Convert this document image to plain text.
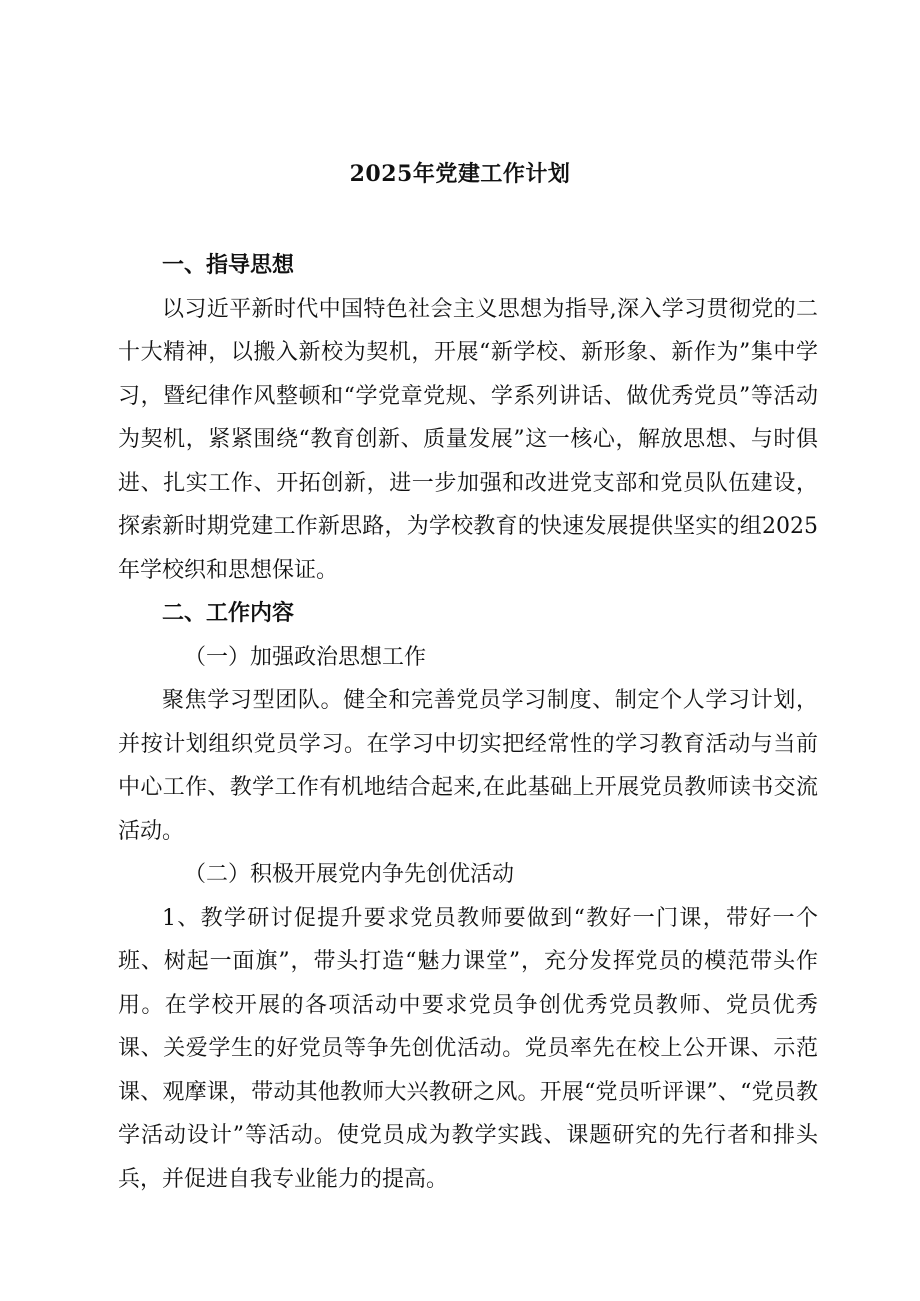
2025年党建工作计划

一、指导思想

以习近平新时代中国特色社会主义思想为指导,深入学习贯彻党的二十大精神，以搬入新校为契机，开展“新学校、新形象、新作为”集中学习，暨纪律作风整顿和“学党章党规、学系列讲话、做优秀党员”等活动为契机，紧紧围绕“教育创新、质量发展”这一核心，解放思想、与时俱进、扎实工作、开拓创新，进一步加强和改进党支部和党员队伍建设，探索新时期党建工作新思路，为学校教育的快速发展提供坚实的组2025年学校织和思想保证。

二、工作内容

（一）加强政治思想工作

聚焦学习型团队。健全和完善党员学习制度、制定个人学习计划，并按计划组织党员学习。在学习中切实把经常性的学习教育活动与当前中心工作、教学工作有机地结合起来,在此基础上开展党员教师读书交流活动。

（二）积极开展党内争先创优活动

1、教学研讨促提升要求党员教师要做到“教好一门课，带好一个班、树起一面旗”，带头打造“魅力课堂”，充分发挥党员的模范带头作用。在学校开展的各项活动中要求党员争创优秀党员教师、党员优秀课、关爱学生的好党员等争先创优活动。党员率先在校上公开课、示范课、观摩课，带动其他教师大兴教研之风。开展“党员听评课”、“党员教学活动设计”等活动。使党员成为教学实践、课题研究的先行者和排头兵，并促进自我专业能力的提高。
